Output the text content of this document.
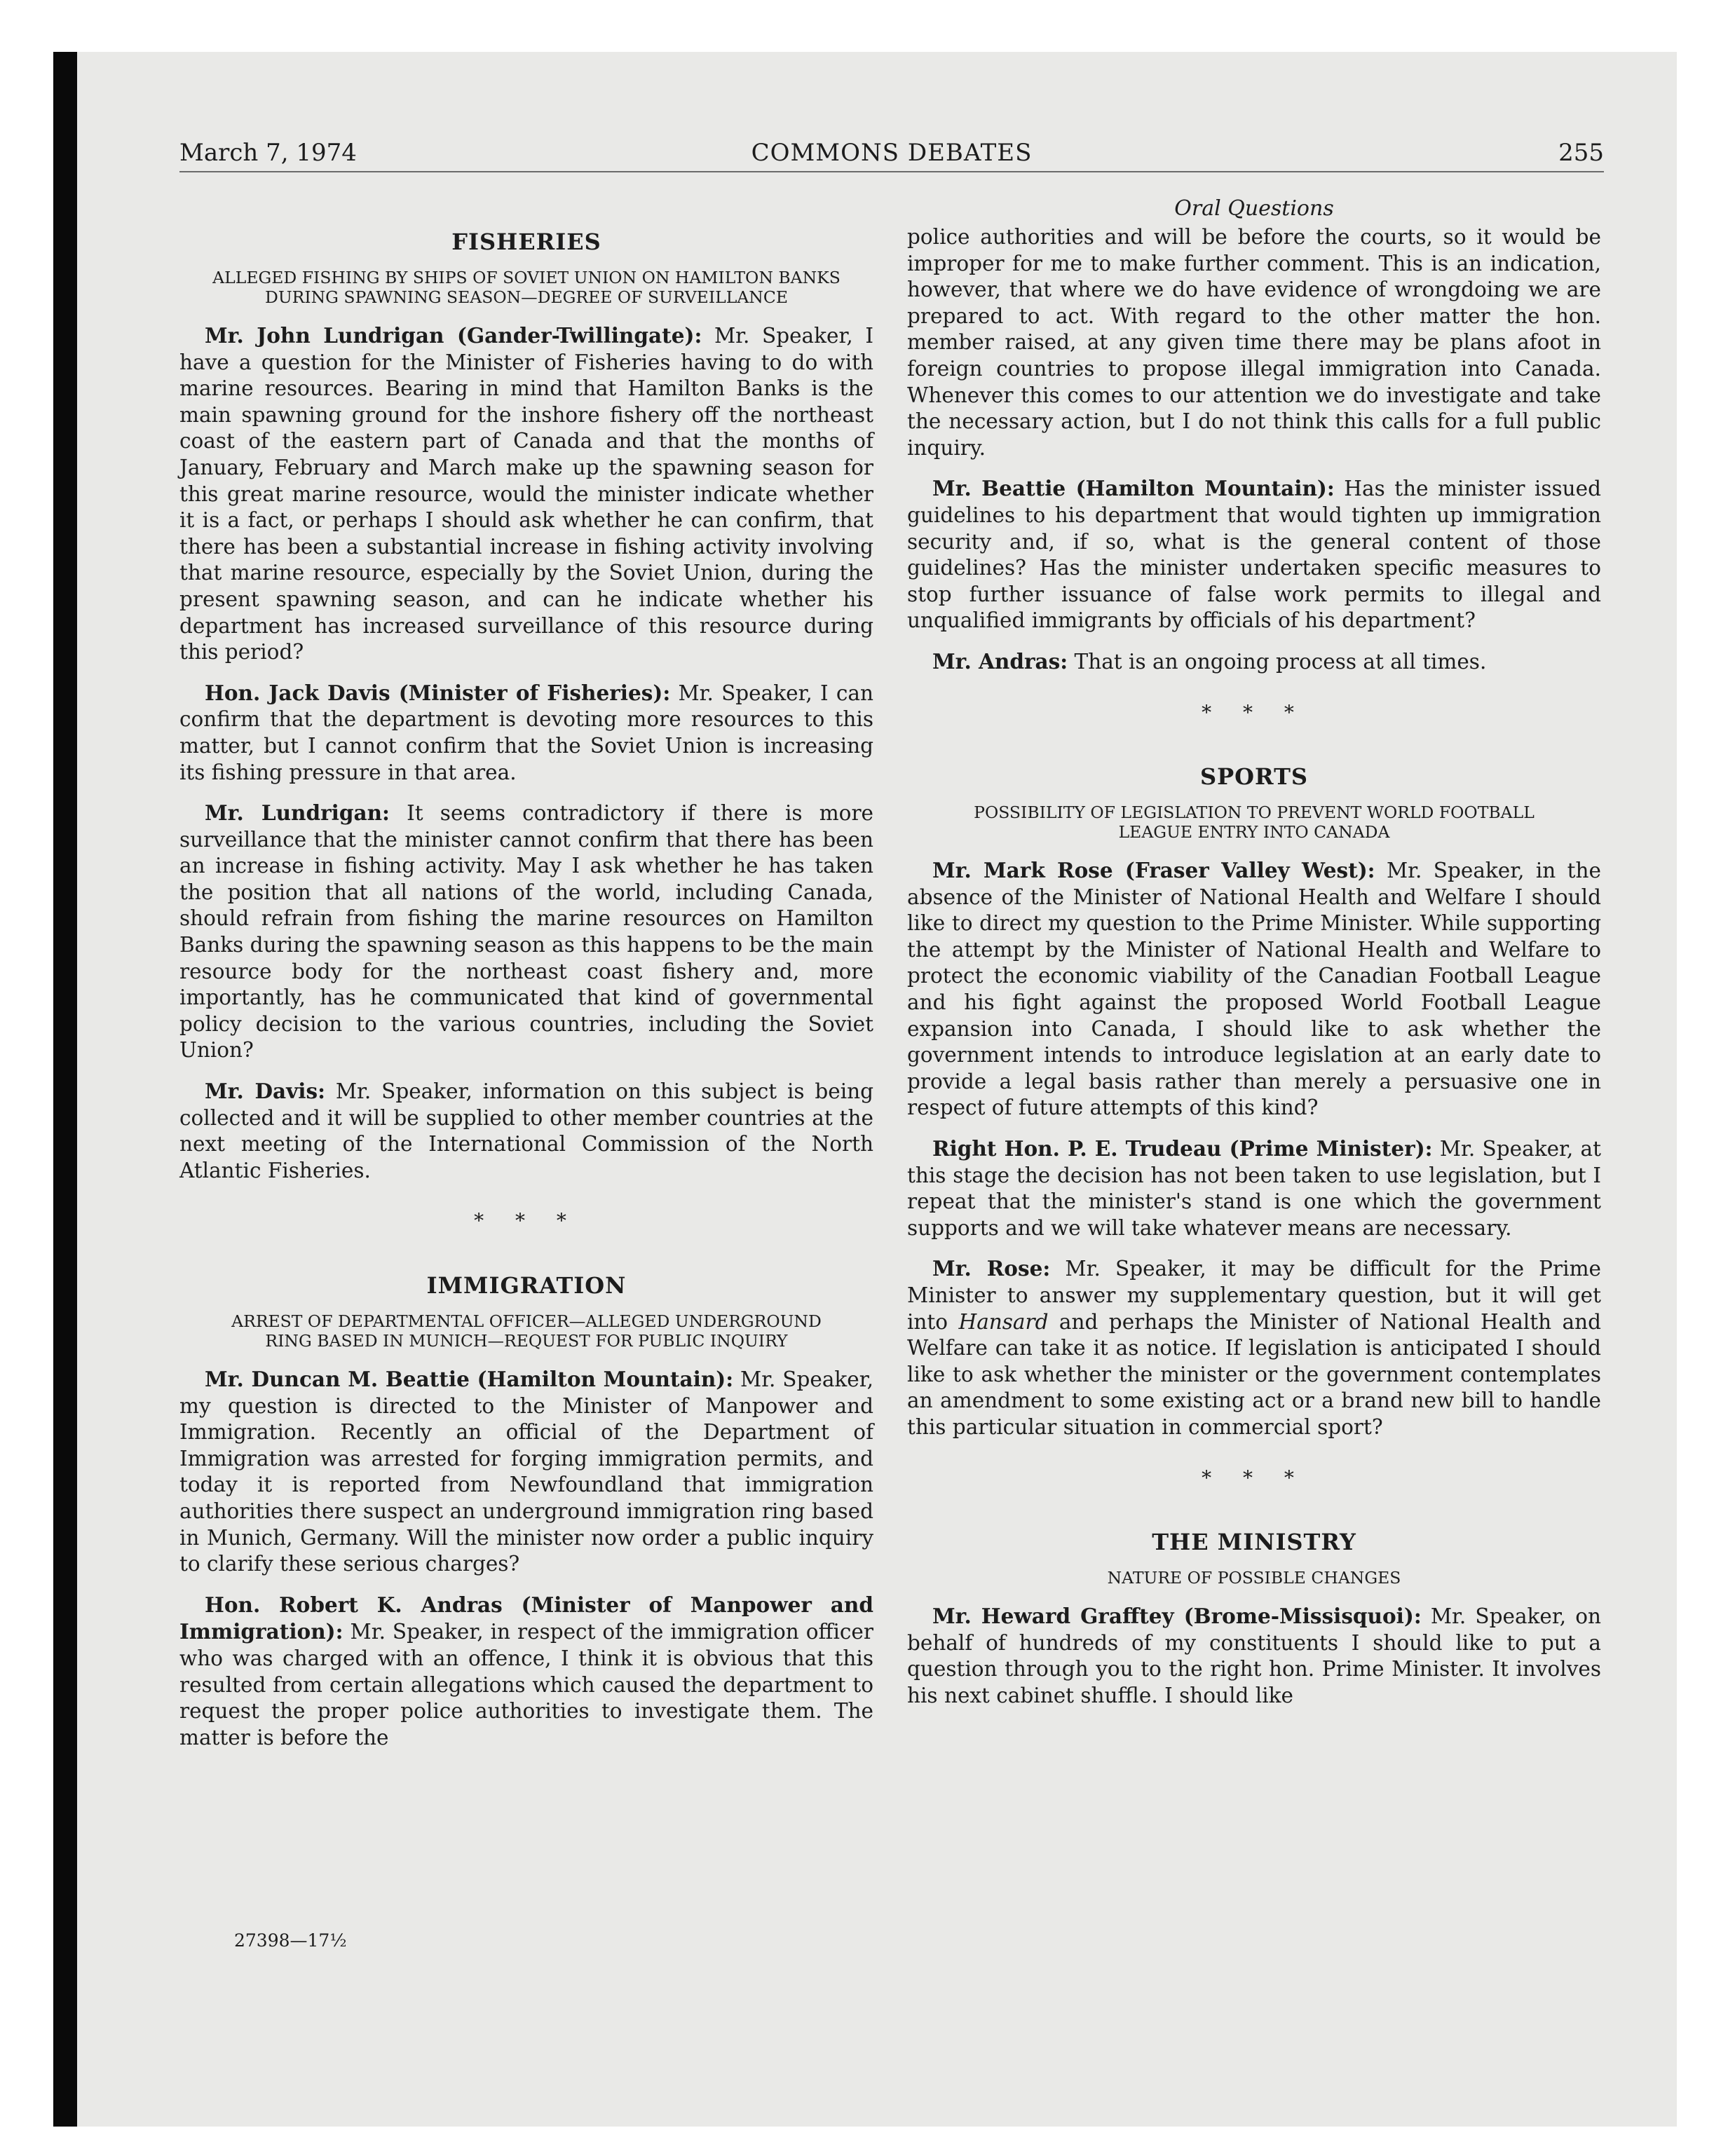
March 7, 1974	COMMONS DEBATES	255
FISHERIES
ALLEGED FISHING BY SHIPS OF SOVIET UNION ON HAMILTON BANKS DURING SPAWNING SEASON—DEGREE OF SURVEILLANCE

Mr. John Lundrigan (Gander-Twillingate): Mr. Speaker, I have a question for the Minister of Fisheries having to do with marine resources. Bearing in mind that Hamilton Banks is the main spawning ground for the inshore fishery off the northeast coast of the eastern part of Canada and that the months of January, February and March make up the spawning season for this great marine resource, would the minister indicate whether it is a fact, or perhaps I should ask whether he can confirm, that there has been a substantial increase in fishing activity involving that marine resource, especially by the Soviet Union, during the present spawning season, and can he indicate whether his department has increased surveillance of this resource during this period?

Hon. Jack Davis (Minister of Fisheries): Mr. Speaker, I can confirm that the department is devoting more resources to this matter, but I cannot confirm that the Soviet Union is increasing its fishing pressure in that area.

Mr. Lundrigan: It seems contradictory if there is more surveillance that the minister cannot confirm that there has been an increase in fishing activity. May I ask whether he has taken the position that all nations of the world, including Canada, should refrain from fishing the marine resources on Hamilton Banks during the spawning season as this happens to be the main resource body for the northeast coast fishery and, more importantly, has he communicated that kind of governmental policy decision to the various countries, including the Soviet Union?

Mr. Davis: Mr. Speaker, information on this subject is being collected and it will be supplied to other member countries at the next meeting of the International Commission of the North Atlantic Fisheries.

* * *
IMMIGRATION
ARREST OF DEPARTMENTAL OFFICER—ALLEGED UNDERGROUND RING BASED IN MUNICH—REQUEST FOR PUBLIC INQUIRY

Mr. Duncan M. Beattie (Hamilton Mountain): Mr. Speaker, my question is directed to the Minister of Manpower and Immigration. Recently an official of the Department of Immigration was arrested for forging immigration permits, and today it is reported from Newfoundland that immigration authorities there suspect an underground immigration ring based in Munich, Germany. Will the minister now order a public inquiry to clarify these serious charges?

Hon. Robert K. Andras (Minister of Manpower and Immigration): Mr. Speaker, in respect of the immigration officer who was charged with an offence, I think it is obvious that this resulted from certain allegations which caused the department to request the proper police authorities to investigate them. The matter is before the

Oral Questions

police authorities and will be before the courts, so it would be improper for me to make further comment. This is an indication, however, that where we do have evidence of wrongdoing we are prepared to act. With regard to the other matter the hon. member raised, at any given time there may be plans afoot in foreign countries to propose illegal immigration into Canada. Whenever this comes to our attention we do investigate and take the necessary action, but I do not think this calls for a full public inquiry.

Mr. Beattie (Hamilton Mountain): Has the minister issued guidelines to his department that would tighten up immigration security and, if so, what is the general content of those guidelines? Has the minister undertaken specific measures to stop further issuance of false work permits to illegal and unqualified immigrants by officials of his department?

Mr. Andras: That is an ongoing process at all times.

* * *
SPORTS
POSSIBILITY OF LEGISLATION TO PREVENT WORLD FOOTBALL LEAGUE ENTRY INTO CANADA

Mr. Mark Rose (Fraser Valley West): Mr. Speaker, in the absence of the Minister of National Health and Welfare I should like to direct my question to the Prime Minister. While supporting the attempt by the Minister of National Health and Welfare to protect the economic viability of the Canadian Football League and his fight against the proposed World Football League expansion into Canada, I should like to ask whether the government intends to introduce legislation at an early date to provide a legal basis rather than merely a persuasive one in respect of future attempts of this kind?

Right Hon. P. E. Trudeau (Prime Minister): Mr. Speaker, at this stage the decision has not been taken to use legislation, but I repeat that the minister's stand is one which the government supports and we will take whatever means are necessary.

Mr. Rose: Mr. Speaker, it may be difficult for the Prime Minister to answer my supplementary question, but it will get into Hansard and perhaps the Minister of National Health and Welfare can take it as notice. If legislation is anticipated I should like to ask whether the minister or the government contemplates an amendment to some existing act or a brand new bill to handle this particular situation in commercial sport?

* * *
THE MINISTRY
NATURE OF POSSIBLE CHANGES

Mr. Heward Grafftey (Brome-Missisquoi): Mr. Speaker, on behalf of hundreds of my constituents I should like to put a question through you to the right hon. Prime Minister. It involves his next cabinet shuffle. I should like

27398—17½
